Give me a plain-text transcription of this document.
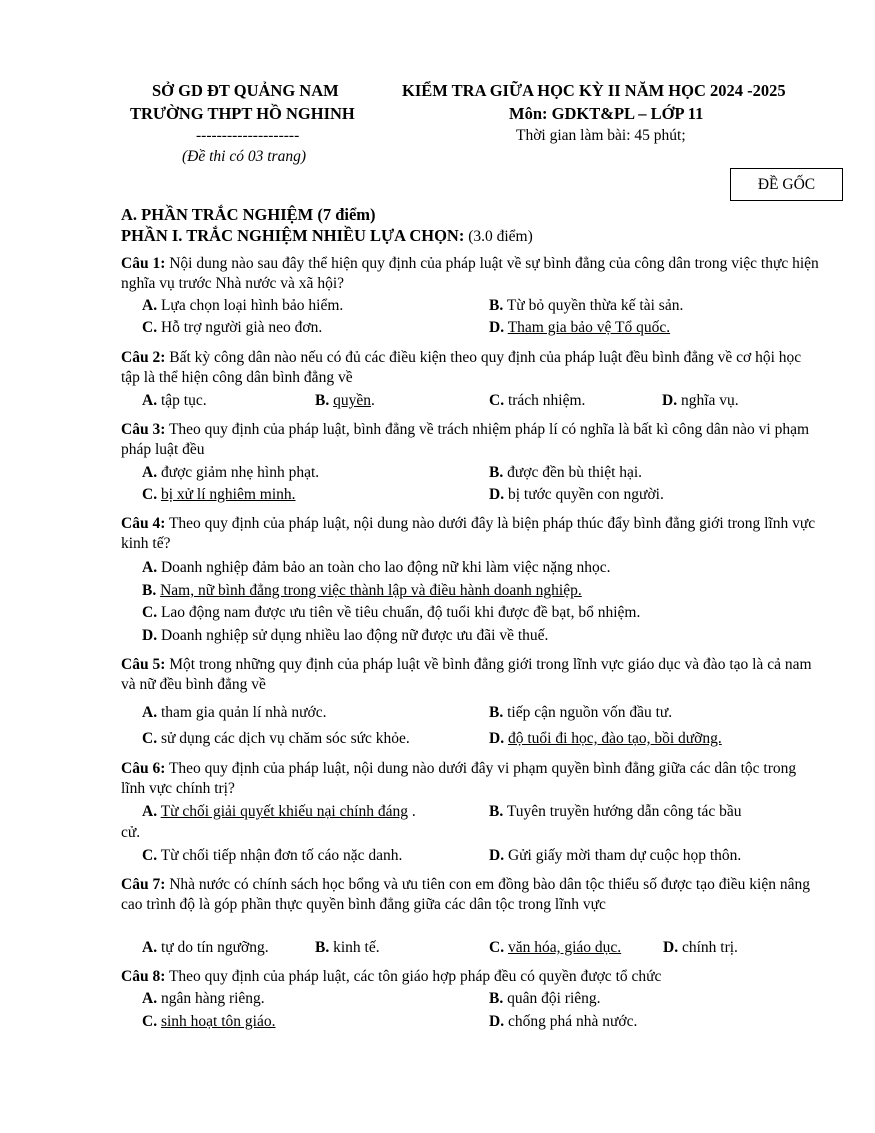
SỞ GD ĐT QUẢNG NAM
TRƯỜNG THPT HỒ NGHINH
--------------------
(Đề thi có 03 trang)
KIỂM TRA GIỮA HỌC KỲ II NĂM HỌC 2024 -2025
Môn: GDKT&PL – LỚP 11
Thời gian làm bài: 45 phút;
ĐỀ GỐC
A. PHẦN TRẮC NGHIỆM (7 điểm)
PHẦN I. TRẮC NGHIỆM NHIỀU LỰA CHỌN: (3.0 điểm)
Câu 1: Nội dung nào sau đây thể hiện quy định của pháp luật về sự bình đẳng của công dân trong việc thực hiện nghĩa vụ trước Nhà nước và xã hội?
A. Lựa chọn loại hình bảo hiểm.	B. Từ bỏ quyền thừa kế tài sản.
C. Hỗ trợ người già neo đơn.	D. Tham gia bảo vệ Tổ quốc.
Câu 2: Bất kỳ công dân nào nếu có đủ các điều kiện theo quy định của pháp luật đều bình đẳng về cơ hội học tập là thể hiện công dân bình đẳng về
A. tập tục.	B. quyền.	C. trách nhiệm.	D. nghĩa vụ.
Câu 3: Theo quy định của pháp luật, bình đẳng về trách nhiệm pháp lí có nghĩa là bất kì công dân nào vi phạm pháp luật đều
A. được giảm nhẹ hình phạt.	B. được đền bù thiệt hại.
C. bị xử lí nghiêm minh.	D. bị tước quyền con người.
Câu 4: Theo quy định của pháp luật, nội dung nào dưới đây là biện pháp thúc đẩy bình đẳng giới trong lĩnh vực kinh tế?
A. Doanh nghiệp đảm bảo an toàn cho lao động nữ khi làm việc nặng nhọc.
B. Nam, nữ bình đẳng trong việc thành lập và điều hành doanh nghiệp.
C. Lao động nam được ưu tiên về tiêu chuẩn, độ tuổi khi được đề bạt, bổ nhiệm.
D. Doanh nghiệp sử dụng nhiều lao động nữ được ưu đãi về thuế.
Câu 5: Một trong những quy định của pháp luật về bình đẳng giới trong lĩnh vực giáo dục và đào tạo là cả nam và nữ đều bình đẳng về
A. tham gia quản lí nhà nước.	B. tiếp cận nguồn vốn đầu tư.
C. sử dụng các dịch vụ chăm sóc sức khỏe.	D. độ tuổi đi học, đào tạo, bồi dưỡng.
Câu 6: Theo quy định của pháp luật, nội dung nào dưới đây vi phạm quyền bình đẳng giữa các dân tộc trong lĩnh vực chính trị?
A. Từ chối giải quyết khiếu nại chính đáng .	B. Tuyên truyền hướng dẫn công tác bầu
cử.
C. Từ chối tiếp nhận đơn tố cáo nặc danh.	D. Gửi giấy mời tham dự cuộc họp thôn.
Câu 7: Nhà nước có chính sách học bổng và ưu tiên con em đồng bào dân tộc thiểu số được tạo điều kiện nâng cao trình độ là góp phần thực quyền bình đẳng giữa các dân tộc trong lĩnh vực
A. tự do tín ngưỡng.	B. kinh tế.	C. văn hóa, giáo dục.	D. chính trị.
Câu 8: Theo quy định của pháp luật, các tôn giáo hợp pháp đều có quyền được tổ chức
A. ngân hàng riêng.	B. quân đội riêng.
C. sinh hoạt tôn giáo.	D. chống phá nhà nước.
